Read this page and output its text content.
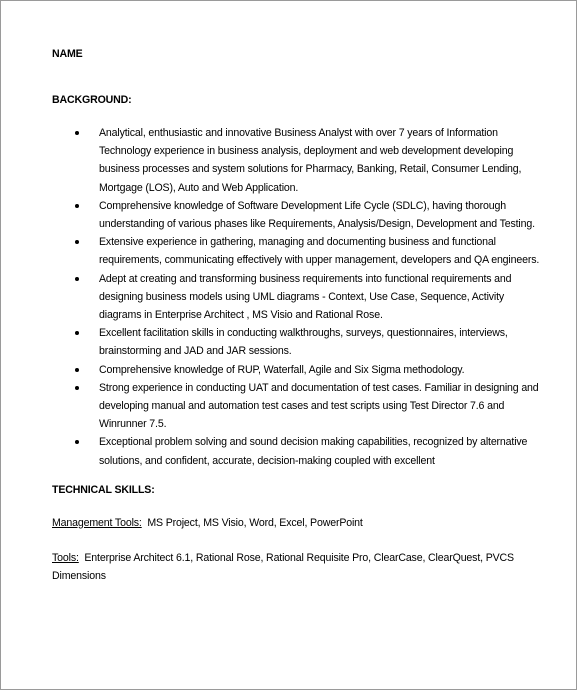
NAME

BACKGROUND:

Analytical, enthusiastic and innovative Business Analyst with over 7 years of Information Technology experience in business analysis, deployment and web development developing business processes and system solutions for Pharmacy, Banking, Retail, Consumer Lending, Mortgage (LOS), Auto and Web Application.
Comprehensive knowledge of Software Development Life Cycle (SDLC), having thorough understanding of various phases like Requirements, Analysis/Design, Development and Testing.
Extensive experience in gathering, managing and documenting business and functional requirements, communicating effectively with upper management, developers and QA engineers.
Adept at creating and transforming business requirements into functional requirements and designing business models using UML diagrams - Context, Use Case, Sequence, Activity diagrams in Enterprise Architect , MS Visio and Rational Rose.
Excellent facilitation skills in conducting walkthroughs, surveys, questionnaires, interviews, brainstorming and JAD and JAR sessions.
Comprehensive knowledge of RUP, Waterfall, Agile and Six Sigma methodology.
Strong experience in conducting UAT and documentation of test cases. Familiar in designing and developing manual and automation test cases and test scripts using Test Director 7.6 and Winrunner 7.5.
Exceptional problem solving and sound decision making capabilities, recognized by alternative solutions, and confident, accurate, decision-making coupled with excellent

TECHNICAL SKILLS:

Management Tools: MS Project, MS Visio, Word, Excel, PowerPoint

Tools: Enterprise Architect 6.1, Rational Rose, Rational Requisite Pro, ClearCase, ClearQuest, PVCS Dimensions
